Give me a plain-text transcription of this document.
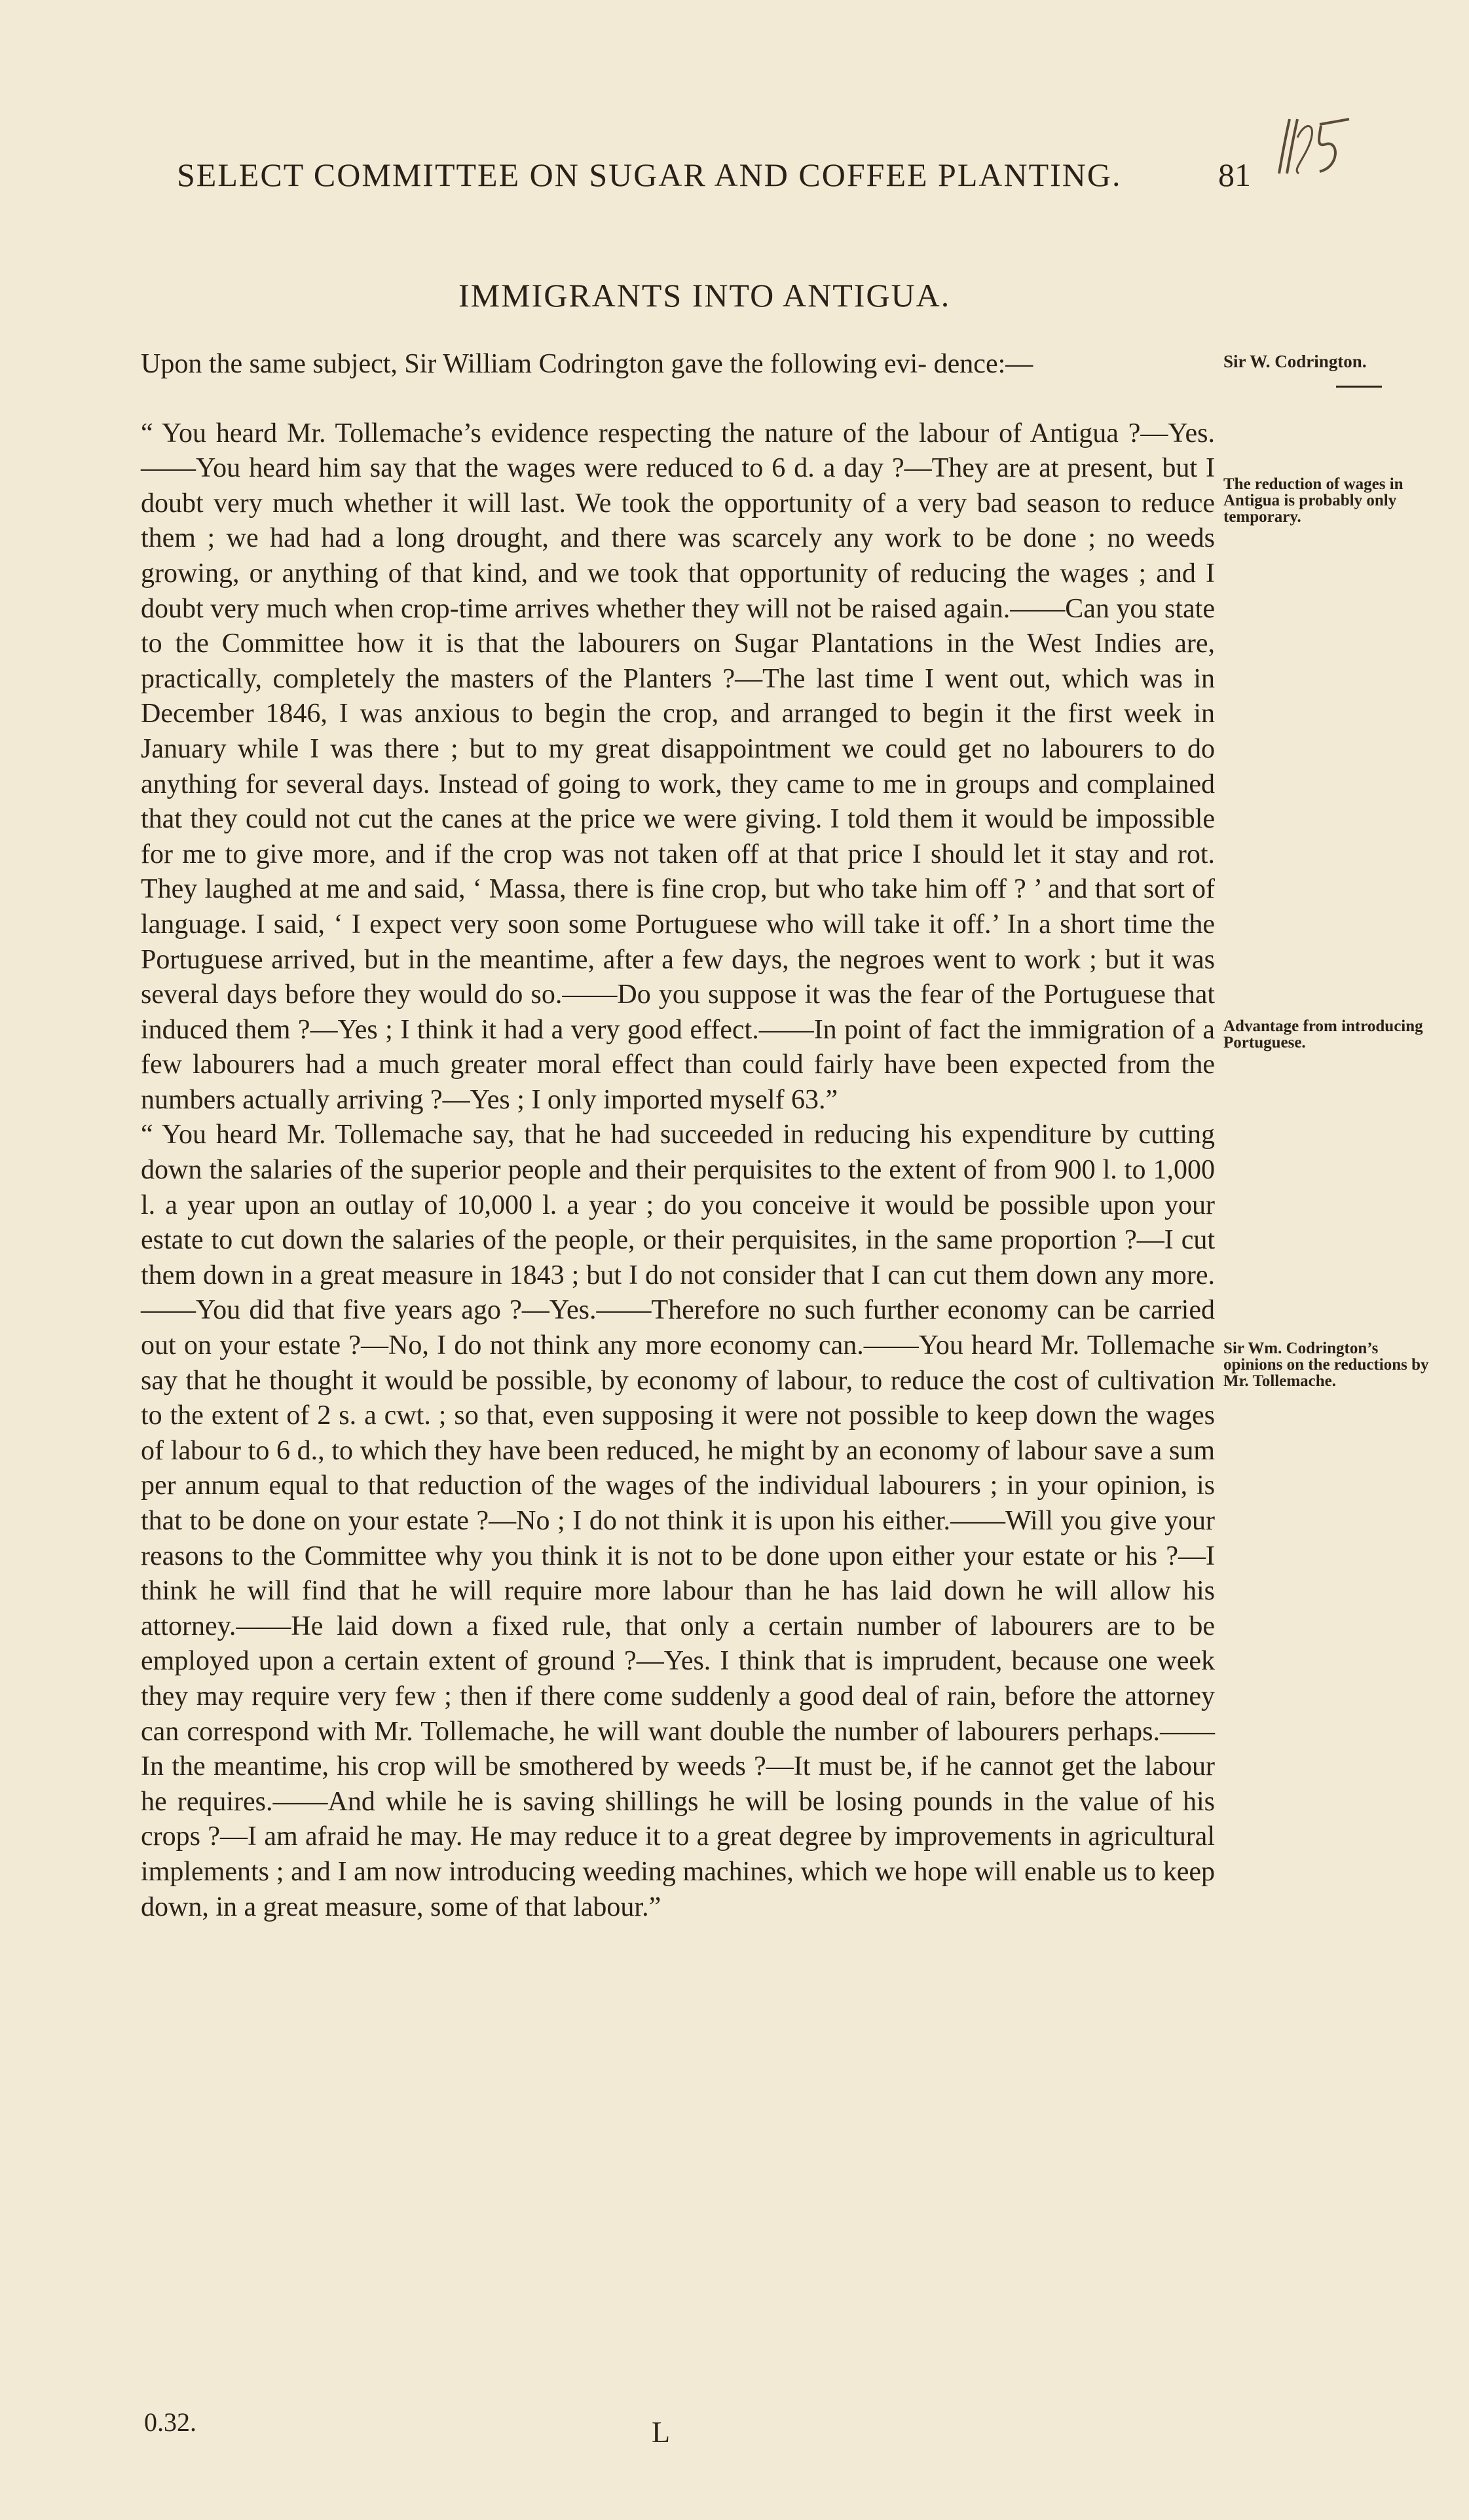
SELECT COMMITTEE ON SUGAR AND COFFEE PLANTING.	81
IMMIGRANTS INTO ANTIGUA.

Upon the same subject, Sir William Codrington gave the following evi- dence:—

“ You heard Mr. Tollemache’s evidence respecting the nature of the labour of Antigua ?—Yes.——You heard him say that the wages were reduced to 6 d. a day ?—They are at present, but I doubt very much whether it will last. We took the opportunity of a very bad season to reduce them ; we had had a long drought, and there was scarcely any work to be done ; no weeds growing, or anything of that kind, and we took that opportunity of reducing the wages ; and I doubt very much when crop-time arrives whether they will not be raised again.——Can you state to the Committee how it is that the labourers on Sugar Plantations in the West Indies are, practically, completely the masters of the Planters ?—The last time I went out, which was in December 1846, I was anxious to begin the crop, and arranged to begin it the first week in January while I was there ; but to my great disappointment we could get no labourers to do anything for several days. Instead of going to work, they came to me in groups and complained that they could not cut the canes at the price we were giving. I told them it would be impossible for me to give more, and if the crop was not taken off at that price I should let it stay and rot. They laughed at me and said, ‘ Massa, there is fine crop, but who take him off ? ’ and that sort of language. I said, ‘ I expect very soon some Portuguese who will take it off.’ In a short time the Portuguese arrived, but in the meantime, after a few days, the negroes went to work ; but it was several days before they would do so.——Do you suppose it was the fear of the Portuguese that induced them ?—Yes ; I think it had a very good effect.——In point of fact the immigration of a few labourers had a much greater moral effect than could fairly have been expected from the numbers actually arriving ?—Yes ; I only imported myself 63.”

“ You heard Mr. Tollemache say, that he had succeeded in reducing his expenditure by cutting down the salaries of the superior people and their perquisites to the extent of from 900 l. to 1,000 l. a year upon an outlay of 10,000 l. a year ; do you conceive it would be possible upon your estate to cut down the salaries of the people, or their perquisites, in the same proportion ?—I cut them down in a great measure in 1843 ; but I do not consider that I can cut them down any more.——You did that five years ago ?—Yes.——Therefore no such further economy can be carried out on your estate ?—No, I do not think any more economy can.——You heard Mr. Tollemache say that he thought it would be possible, by economy of labour, to reduce the cost of cultivation to the extent of 2 s. a cwt. ; so that, even supposing it were not possible to keep down the wages of labour to 6 d., to which they have been reduced, he might by an economy of labour save a sum per annum equal to that reduction of the wages of the individual labourers ; in your opinion, is that to be done on your estate ?—No ; I do not think it is upon his either.——Will you give your reasons to the Committee why you think it is not to be done upon either your estate or his ?—I think he will find that he will require more labour than he has laid down he will allow his attorney.——He laid down a fixed rule, that only a certain number of labourers are to be employed upon a certain extent of ground ?—Yes. I think that is imprudent, because one week they may require very few ; then if there come suddenly a good deal of rain, before the attorney can correspond with Mr. Tollemache, he will want double the number of labourers perhaps.——In the meantime, his crop will be smothered by weeds ?—It must be, if he cannot get the labour he requires.——And while he is saving shillings he will be losing pounds in the value of his crops ?—I am afraid he may. He may reduce it to a great degree by improvements in agricultural implements ; and I am now introducing weeding machines, which we hope will enable us to keep down, in a great measure, some of that labour.”

Sir W. Codrington.
The reduction of wages in Antigua is probably only temporary.
Advantage from introducing Portuguese.
Sir Wm. Codrington’s opinions on the reductions by Mr. Tollemache.
0.32.	L
